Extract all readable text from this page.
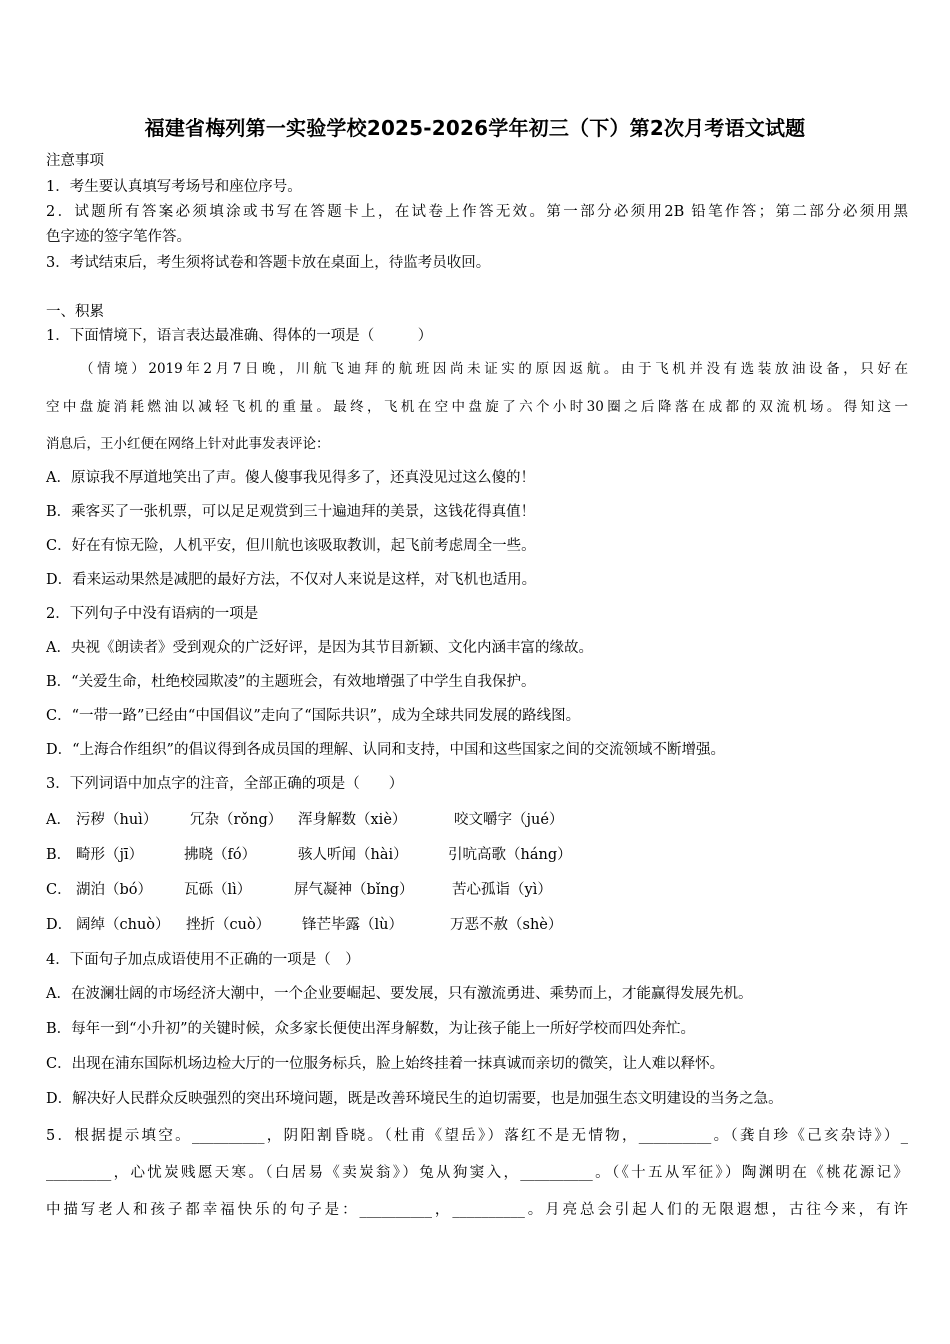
福建省梅列第一实验学校2025-2026学年初三（下）第2次月考语文试题
注意事项
1．考生要认真填写考场号和座位序号。
2．试题所有答案必须填涂或书写在答题卡上，在试卷上作答无效。第一部分必须用2B 铅笔作答；第二部分必须用黑
色字迹的签字笔作答。
3．考试结束后，考生须将试卷和答题卡放在桌面上，待监考员收回。
一、积累
1．下面情境下，语言表达最准确、得体的一项是（　　　）
（情境）2019年2月7日晚，川航飞迪拜的航班因尚未证实的原因返航。由于飞机并没有选装放油设备，只好在
空中盘旋消耗燃油以减轻飞机的重量。最终，飞机在空中盘旋了六个小时30圈之后降落在成都的双流机场。得知这一
消息后，王小红便在网络上针对此事发表评论：
A．原谅我不厚道地笑出了声。傻人傻事我见得多了，还真没见过这么傻的！
B．乘客买了一张机票，可以足足观赏到三十遍迪拜的美景，这钱花得真值！
C．好在有惊无险，人机平安，但川航也该吸取教训，起飞前考虑周全一些。
D．看来运动果然是减肥的最好方法，不仅对人来说是这样，对飞机也适用。
2．下列句子中没有语病的一项是
A．央视《朗读者》受到观众的广泛好评，是因为其节目新颖、文化内涵丰富的缘故。
B．“关爱生命，杜绝校园欺凌”的主题班会，有效地增强了中学生自我保护。
C．“一带一路”已经由“中国倡议”走向了“国际共识”，成为全球共同发展的路线图。
D．“上海合作组织”的倡议得到各成员国的理解、认同和支持，中国和这些国家之间的交流领域不断增强。
3．下列词语中加点字的注音，全部正确的项是（　　）
A． 污秽（huì） 冗杂（rǒng） 浑身解数（xiè）	咬文嚼字（jué）
B． 畸形（jī）	拂晓（fó）	骇人听闻（hài）	引吭高歌（háng）
C． 湖泊（bó） 瓦砾（lì）	屏气凝神（bǐng）	苦心孤诣（yì）
D． 阔绰（chuò） 挫折（cuò） 锋芒毕露（lù）	万恶不赦（shè）
4．下面句子加点成语使用不正确的一项是（　）
A．在波澜壮阔的市场经济大潮中，一个企业要崛起、要发展，只有激流勇进、乘势而上，才能赢得发展先机。
B．每年一到“小升初”的关键时候，众多家长便使出浑身解数，为让孩子能上一所好学校而四处奔忙。
C．出现在浦东国际机场边检大厅的一位服务标兵，脸上始终挂着一抹真诚而亲切的微笑，让人难以释怀。
D．解决好人民群众反映强烈的突出环境问题，既是改善环境民生的迫切需要，也是加强生态文明建设的当务之急。
5．根据提示填空。__________，阴阳割昏晓。（杜甫《望岳》）落红不是无情物，__________。（龚自珍《己亥杂诗》）_
_________，心忧炭贱愿天寒。（白居易《卖炭翁》）兔从狗窦入，__________。（《十五从军征》）陶渊明在《桃花源记》
中描写老人和孩子都幸福快乐的句子是：__________，__________。月亮总会引起人们的无限遐想，古往今来，有许
